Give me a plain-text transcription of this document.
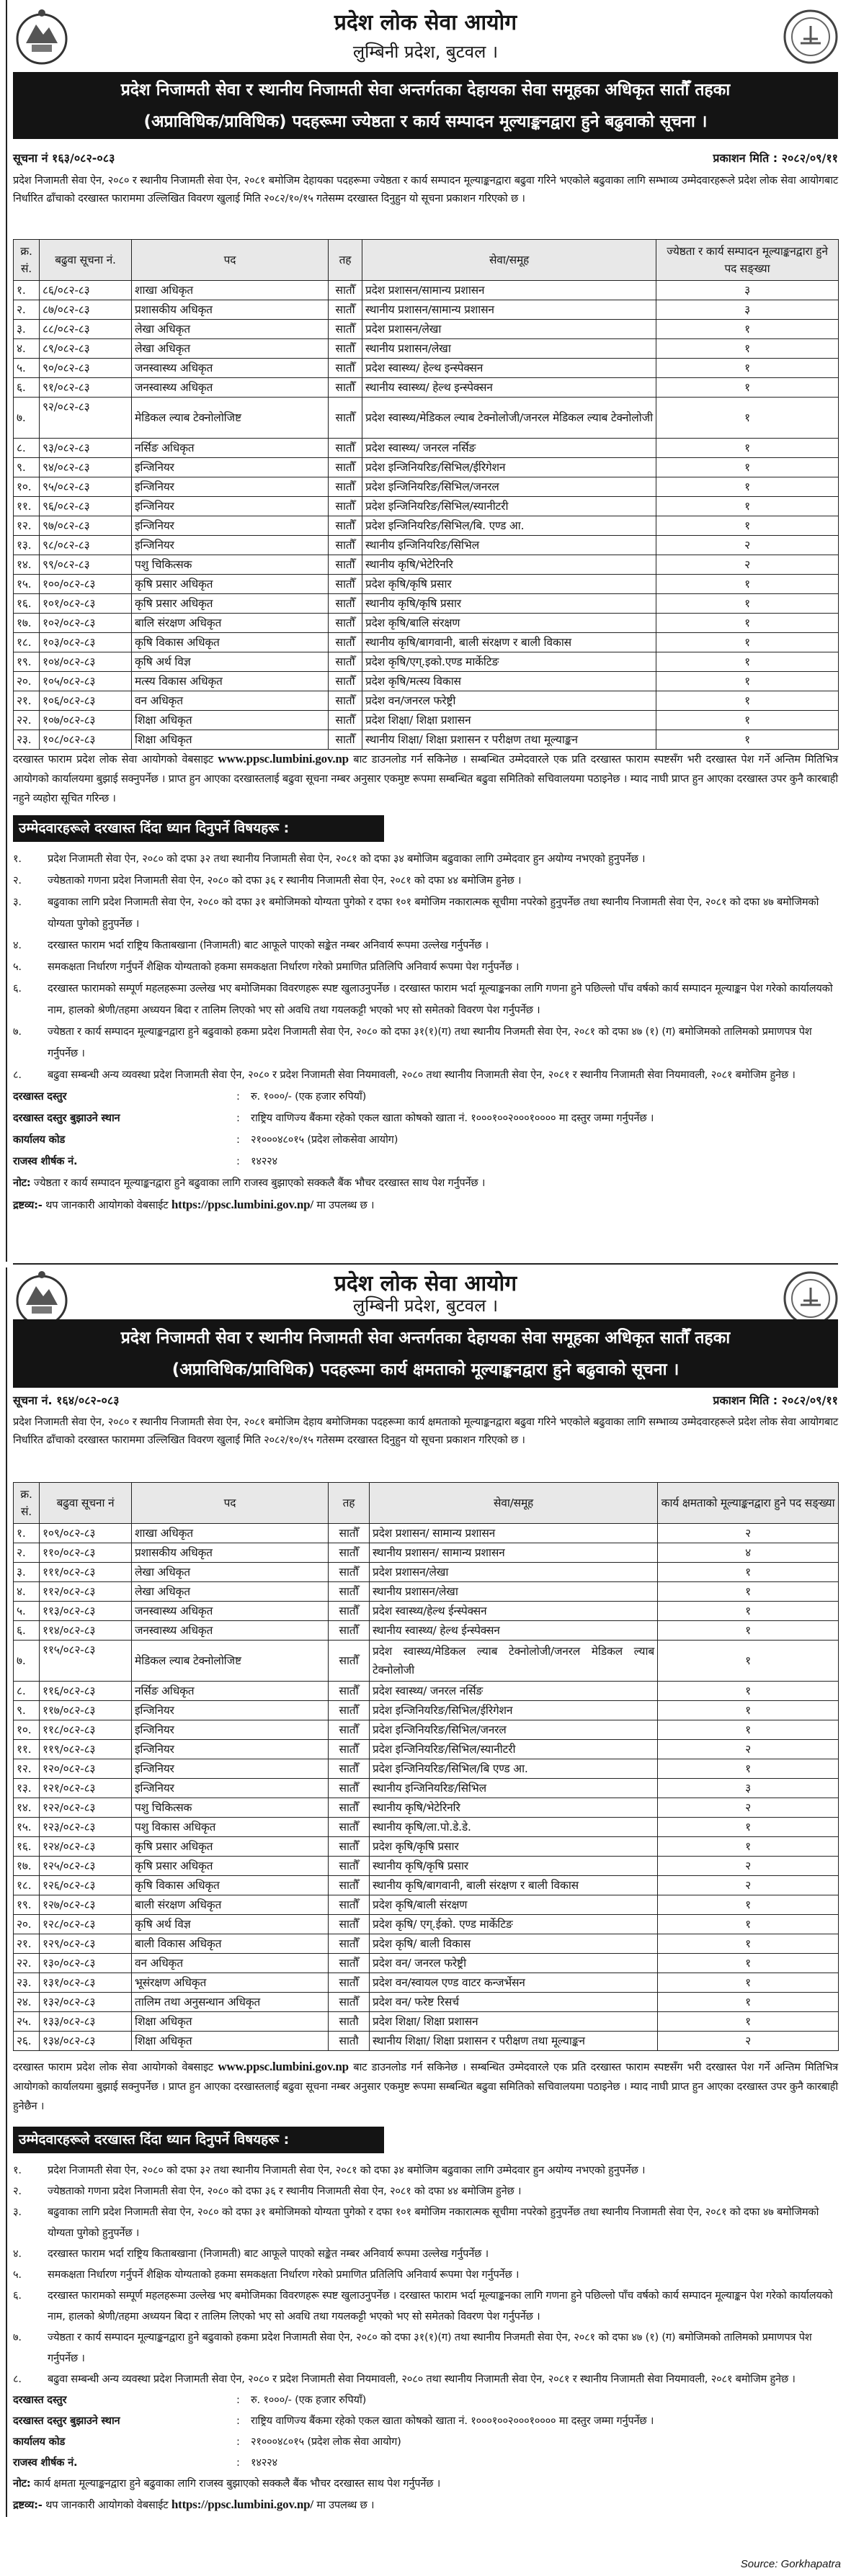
प्रदेश लोक सेवा आयोग
लुम्बिनी प्रदेश, बुटवल ।
प्रदेश निजामती सेवा र स्थानीय निजामती सेवा अन्तर्गतका देहायका सेवा समूहका अधिकृत सातौँ तहका
(अप्राविधिक/प्राविधिक) पदहरूमा ज्येष्ठता र कार्य सम्पादन मूल्याङ्कनद्वारा हुने बढुवाको सूचना ।
सूचना नं १६३/०८२-०८३	प्रकाशन मिति : २०८२/०९/११
प्रदेश निजामती सेवा ऐन, २०८० र स्थानीय निजामती सेवा ऐन, २०८१ बमोजिम देहायका पदहरूमा ज्येष्ठता र कार्य सम्पादन मूल्याङ्कनद्वारा बढुवा गरिने भएकोले बढुवाका लागि सम्भाव्य उम्मेदवारहरूले प्रदेश लोक सेवा आयोगबाट निर्धारित ढाँचाको दरखास्त फाराममा उल्लिखित विवरण खुलाई मिति २०८२/१०/१५ गतेसम्म दरखास्त दिनुहुन यो सूचना प्रकाशन गरिएको छ ।
क्र. सं.	बढुवा सूचना नं.	पद	तह	सेवा/समूह	ज्येष्ठता र कार्य सम्पादन मूल्याङ्कनद्वारा हुने पद सङ्ख्या
१.	८६/०८२-८३	शाखा अधिकृत	सातौँ	प्रदेश प्रशासन/सामान्य प्रशासन	३
२.	८७/०८२-८३	प्रशासकीय अधिकृत	सातौँ	स्थानीय प्रशासन/सामान्य प्रशासन	३
३.	८८/०८२-८३	लेखा अधिकृत	सातौँ	प्रदेश प्रशासन/लेखा	१
४.	८९/०८२-८३	लेखा अधिकृत	सातौँ	स्थानीय प्रशासन/लेखा	१
५.	९०/०८२-८३	जनस्वास्थ्य अधिकृत	सातौँ	प्रदेश स्वास्थ्य/ हेल्थ इन्स्पेक्सन	१
६.	९१/०८२-८३	जनस्वास्थ्य अधिकृत	सातौँ	स्थानीय स्वास्थ्य/ हेल्थ इन्स्पेक्सन	१
७.	९२/०८२-८३	मेडिकल ल्याब टेक्नोलोजिष्ट	सातौँ	प्रदेश स्वास्थ्य/मेडिकल ल्याब टेक्नोलोजी/जनरल मेडिकल ल्याब टेक्नोलोजी	१
८.	९३/०८२-८३	नर्सिङ अधिकृत	सातौँ	प्रदेश स्वास्थ्य/ जनरल नर्सिङ	१
९.	९४/०८२-८३	इन्जिनियर	सातौँ	प्रदेश इन्जिनियरिङ/सिभिल/ईरिगेशन	१
१०.	९५/०८२-८३	इन्जिनियर	सातौँ	प्रदेश इन्जिनियरिङ/सिभिल/जनरल	१
११.	९६/०८२-८३	इन्जिनियर	सातौँ	प्रदेश इन्जिनियरिङ/सिभिल/स्यानीटरी	१
१२.	९७/०८२-८३	इन्जिनियर	सातौँ	प्रदेश इन्जिनियरिङ/सिभिल/बि. एण्ड आ.	१
१३.	९८/०८२-८३	इन्जिनियर	सातौँ	स्थानीय इन्जिनियरिङ/सिभिल	२
१४.	९९/०८२-८३	पशु चिकित्सक	सातौँ	स्थानीय कृषि/भेटेरिनरि	२
१५.	१००/०८२-८३	कृषि प्रसार अधिकृत	सातौँ	प्रदेश कृषि/कृषि प्रसार	१
१६.	१०१/०८२-८३	कृषि प्रसार अधिकृत	सातौँ	स्थानीय कृषि/कृषि प्रसार	१
१७.	१०२/०८२-८३	बालि संरक्षण अधिकृत	सातौँ	प्रदेश कृषि/बालि संरक्षण	१
१८.	१०३/०८२-८३	कृषि विकास अधिकृत	सातौँ	स्थानीय कृषि/बागवानी, बाली संरक्षण र बाली विकास	१
१९.	१०४/०८२-८३	कृषि अर्थ विज्ञ	सातौँ	प्रदेश कृषि/एग्.इको.एण्ड मार्केटिङ	१
२०.	१०५/०८२-८३	मत्स्य विकास अधिकृत	सातौँ	प्रदेश कृषि/मत्स्य विकास	१
२१.	१०६/०८२-८३	वन अधिकृत	सातौँ	प्रदेश वन/जनरल फरेष्ट्री	१
२२.	१०७/०८२-८३	शिक्षा अधिकृत	सातौँ	प्रदेश शिक्षा/ शिक्षा प्रशासन	१
२३.	१०८/०८२-८३	शिक्षा अधिकृत	सातौँ	स्थानीय शिक्षा/ शिक्षा प्रशासन र परीक्षण तथा मूल्याङ्कन	१
दरखास्त फाराम प्रदेश लोक सेवा आयोगको वेबसाइट www.ppsc.lumbini.gov.np बाट डाउनलोड गर्न सकिनेछ । सम्बन्धित उम्मेदवारले एक प्रति दरखास्त फाराम स्पष्टसँग भरी दरखास्त पेश गर्ने अन्तिम मितिभित्र आयोगको कार्यालयमा बुझाई सक्नुपर्नेछ । प्राप्त हुन आएका दरखास्तलाई बढुवा सूचना नम्बर अनुसार एकमुष्ट रूपमा सम्बन्धित बढुवा समितिको सचिवालयमा पठाइनेछ । म्याद नाघी प्राप्त हुन आएका दरखास्त उपर कुनै कारबाही नहुने व्यहोरा सूचित गरिन्छ ।
उम्मेदवारहरूले दरखास्त दिंदा ध्यान दिनुपर्ने विषयहरू :
१.	प्रदेश निजामती सेवा ऐन, २०८० को दफा ३२ तथा स्थानीय निजामती सेवा ऐन, २०८१ को दफा ३४ बमोजिम बढुवाका लागि उम्मेदवार हुन अयोग्य नभएको हुनुपर्नेछ ।
२.	ज्येष्ठताको गणना प्रदेश निजामती सेवा ऐन, २०८० को दफा ३६ र स्थानीय निजामती सेवा ऐन, २०८१ को दफा ४४ बमोजिम हुनेछ ।
३.	बढुवाका लागि प्रदेश निजामती सेवा ऐन, २०८० को दफा ३१ बमोजिमको योग्यता पुगेको र दफा १०१ बमोजिम नकारात्मक सूचीमा नपरेको हुनुपर्नेछ तथा स्थानीय निजामती सेवा ऐन, २०८१ को दफा ४७ बमोजिमको योग्यता पुगेको हुनुपर्नेछ ।
४.	दरखास्त फाराम भर्दा राष्ट्रिय किताबखाना (निजामती) बाट आफूले पाएको सङ्केत नम्बर अनिवार्य रूपमा उल्लेख गर्नुपर्नेछ ।
५.	समकक्षता निर्धारण गर्नुपर्ने शैक्षिक योग्यताको हकमा समकक्षता निर्धारण गरेको प्रमाणित प्रतिलिपि अनिवार्य रूपमा पेश गर्नुपर्नेछ ।
६.	दरखास्त फारामको सम्पूर्ण महलहरूमा उल्लेख भए बमोजिमका विवरणहरू स्पष्ट खुलाउनुपर्नेछ । दरखास्त फाराम भर्दा मूल्याङ्कनका लागि गणना हुने पछिल्लो पाँच वर्षको कार्य सम्पादन मूल्याङ्कन पेश गरेको कार्यालयको नाम, हालको श्रेणी/तहमा अध्ययन बिदा र तालिम लिएको भए सो अवधि तथा गयलकट्टी भएको भए सो समेतको विवरण पेश गर्नुपर्नेछ ।
७.	ज्येष्ठता र कार्य सम्पादन मूल्याङ्कनद्वारा हुने बढुवाको हकमा प्रदेश निजामती सेवा ऐन, २०८० को दफा ३१(१)(ग) तथा स्थानीय निजमती सेवा ऐन, २०८१ को दफा ४७ (१) (ग) बमोजिमको तालिमको प्रमाणपत्र पेश गर्नुपर्नेछ ।
८.	बढुवा सम्बन्धी अन्य व्यवस्था प्रदेश निजामती सेवा ऐन, २०८० र प्रदेश निजामती सेवा नियमावली, २०८० तथा स्थानीय निजामती सेवा ऐन, २०८१ र स्थानीय निजामती सेवा नियमावली, २०८१ बमोजिम हुनेछ ।
दरखास्त दस्तुर	:	रु. १०००/- (एक हजार रुपियाँ)
दरखास्त दस्तुर बुझाउने स्थान	:	राष्ट्रिय वाणिज्य बैंकमा रहेको एकल खाता कोषको खाता नं. १०००१००२०००१०००० मा दस्तुर जम्मा गर्नुपर्नेछ ।
कार्यालय कोड	:	२१०००४८०१५ (प्रदेश लोकसेवा आयोग)
राजस्व शीर्षक नं.	:	१४२२४
नोट: ज्येष्ठता र कार्य सम्पादन मूल्याङ्कनद्वारा हुने बढुवाका लागि राजस्व बुझाएको सक्कलै बैंक भौचर दरखास्त साथ पेश गर्नुपर्नेछ ।
द्रष्टव्य:- थप जानकारी आयोगको वेबसाईट https://ppsc.lumbini.gov.np/ मा उपलब्ध छ ।
प्रदेश लोक सेवा आयोग
लुम्बिनी प्रदेश, बुटवल ।
प्रदेश निजामती सेवा र स्थानीय निजामती सेवा अन्तर्गतका देहायका सेवा समूहका अधिकृत सातौँ तहका
(अप्राविधिक/प्राविधिक) पदहरूमा कार्य क्षमताको मूल्याङ्कनद्वारा हुने बढुवाको सूचना ।
सूचना नं. १६४/०८२-०८३	प्रकाशन मिति : २०८२/०९/११
प्रदेश निजामती सेवा ऐन, २०८० र स्थानीय निजामती सेवा ऐन, २०८१ बमोजिम देहाय बमोजिमका पदहरूमा कार्य क्षमताको मूल्याङ्कनद्वारा बढुवा गरिने भएकोले बढुवाका लागि सम्भाव्य उम्मेदवारहरूले प्रदेश लोक सेवा आयोगबाट निर्धारित ढाँचाको दरखास्त फाराममा उल्लिखित विवरण खुलाई मिति २०८२/१०/१५ गतेसम्म दरखास्त दिनुहुन यो सूचना प्रकाशन गरिएको छ ।
क्र. सं.	बढुवा सूचना नं	पद	तह	सेवा/समूह	कार्य क्षमताको मूल्याङ्कनद्वारा हुने पद सङ्ख्या
१.	१०९/०८२-८३	शाखा अधिकृत	सातौँ	प्रदेश प्रशासन/ सामान्य प्रशासन	२
२.	११०/०८२-८३	प्रशासकीय अधिकृत	सातौँ	स्थानीय प्रशासन/ सामान्य प्रशासन	४
३.	१११/०८२-८३	लेखा अधिकृत	सातौँ	प्रदेश प्रशासन/लेखा	१
४.	११२/०८२-८३	लेखा अधिकृत	सातौँ	स्थानीय प्रशासन/लेखा	१
५.	११३/०८२-८३	जनस्वास्थ्य अधिकृत	सातौँ	प्रदेश स्वास्थ्य/हेल्थ ईन्स्पेक्सन	१
६.	११४/०८२-८३	जनस्वास्थ्य अधिकृत	सातौँ	स्थानीय स्वास्थ्य/ हेल्थ ईन्स्पेक्सन	१
७.	११५/०८२-८३	मेडिकल ल्याब टेक्नोलोजिष्ट	सातौँ	प्रदेश स्वास्थ्य/मेडिकल ल्याब टेक्नोलोजी/जनरल मेडिकल ल्याब टेक्नोलोजी	१
८.	११६/०८२-८३	नर्सिङ अधिकृत	सातौँ	प्रदेश स्वास्थ्य/ जनरल नर्सिङ	१
९.	११७/०८२-८३	इन्जिनियर	सातौँ	प्रदेश इन्जिनियरिङ/सिभिल/ईरिगेशन	१
१०.	११८/०८२-८३	इन्जिनियर	सातौँ	प्रदेश इन्जिनियरिङ/सिभिल/जनरल	१
११.	११९/०८२-८३	इन्जिनियर	सातौँ	प्रदेश इन्जिनियरिङ/सिभिल/स्यानीटरी	२
१२.	१२०/०८२-८३	इन्जिनियर	सातौँ	प्रदेश इन्जिनियरिङ/सिभिल/बि एण्ड आ.	१
१३.	१२१/०८२-८३	इन्जिनियर	सातौँ	स्थानीय इन्जिनियरिङ/सिभिल	३
१४.	१२२/०८२-८३	पशु चिकित्सक	सातौँ	स्थानीय कृषि/भेटेरिनरि	२
१५.	१२३/०८२-८३	पशु विकास अधिकृत	सातौँ	स्थानीय कृषि/ला.पो.डे.डे.	१
१६.	१२४/०८२-८३	कृषि प्रसार अधिकृत	सातौँ	प्रदेश कृषि/कृषि प्रसार	१
१७.	१२५/०८२-८३	कृषि प्रसार अधिकृत	सातौँ	स्थानीय कृषि/कृषि प्रसार	२
१८.	१२६/०८२-८३	कृषि विकास अधिकृत	सातौँ	स्थानीय कृषि/बागवानी, बाली संरक्षण र बाली विकास	२
१९.	१२७/०८२-८३	बाली संरक्षण अधिकृत	सातौँ	प्रदेश कृषि/बाली संरक्षण	१
२०.	१२८/०८२-८३	कृषि अर्थ विज्ञ	सातौँ	प्रदेश कृषि/ एग्.ईको. एण्ड मार्केटिङ	१
२१.	१२९/०८२-८३	बाली विकास अधिकृत	सातौँ	प्रदेश कृषि/ बाली विकास	१
२२.	१३०/०८२-८३	वन अधिकृत	सातौँ	प्रदेश वन/ जनरल फरेष्ट्री	१
२३.	१३१/०८२-८३	भूसंरक्षण अधिकृत	सातौँ	प्रदेश वन/स्वायल एण्ड वाटर कन्जर्भेसन	१
२४.	१३२/०८२-८३	तालिम तथा अनुसन्धान अधिकृत	सातौँ	प्रदेश वन/ फरेष्ट रिसर्च	१
२५.	१३३/०८२-८३	शिक्षा अधिकृत	सातौ	प्रदेश शिक्षा/ शिक्षा प्रशासन	१
२६.	१३४/०८२-८३	शिक्षा अधिकृत	सातौ	स्थानीय शिक्षा/ शिक्षा प्रशासन र परीक्षण तथा मूल्याङ्कन	२
दरखास्त फाराम प्रदेश लोक सेवा आयोगको वेबसाइट www.ppsc.lumbini.gov.np बाट डाउनलोड गर्न सकिनेछ । सम्बन्धित उम्मेदवारले एक प्रति दरखास्त फाराम स्पष्टसँग भरी दरखास्त पेश गर्ने अन्तिम मितिभित्र आयोगको कार्यालयमा बुझाई सक्नुपर्नेछ । प्राप्त हुन आएका दरखास्तलाई बढुवा सूचना नम्बर अनुसार एकमुष्ट रूपमा सम्बन्धित बढुवा समितिको सचिवालयमा पठाइनेछ । म्याद नाघी प्राप्त हुन आएका दरखास्त उपर कुनै कारबाही हुनेछैन ।
उम्मेदवारहरूले दरखास्त दिंदा ध्यान दिनुपर्ने विषयहरू :
१.	प्रदेश निजामती सेवा ऐन, २०८० को दफा ३२ तथा स्थानीय निजामती सेवा ऐन, २०८१ को दफा ३४ बमोजिम बढुवाका लागि उम्मेदवार हुन अयोग्य नभएको हुनुपर्नेछ ।
२.	ज्येष्ठताको गणना प्रदेश निजामती सेवा ऐन, २०८० को दफा ३६ र स्थानीय निजामती सेवा ऐन, २०८१ को दफा ४४ बमोजिम हुनेछ ।
३.	बढुवाका लागि प्रदेश निजामती सेवा ऐन, २०८० को दफा ३१ बमोजिमको योग्यता पुगेको र दफा १०१ बमोजिम नकारात्मक सूचीमा नपरेको हुनुपर्नेछ तथा स्थानीय निजामती सेवा ऐन, २०८१ को दफा ४७ बमोजिमको योग्यता पुगेको हुनुपर्नेछ ।
४.	दरखास्त फाराम भर्दा राष्ट्रिय किताबखाना (निजामती) बाट आफूले पाएको सङ्केत नम्बर अनिवार्य रूपमा उल्लेख गर्नुपर्नेछ ।
५.	समकक्षता निर्धारण गर्नुपर्ने शैक्षिक योग्यताको हकमा समकक्षता निर्धारण गरेको प्रमाणित प्रतिलिपि अनिवार्य रूपमा पेश गर्नुपर्नेछ ।
६.	दरखास्त फारामको सम्पूर्ण महलहरूमा उल्लेख भए बमोजिमका विवरणहरू स्पष्ट खुलाउनुपर्नेछ । दरखास्त फाराम भर्दा मूल्याङ्कनका लागि गणना हुने पछिल्लो पाँच वर्षको कार्य सम्पादन मूल्याङ्कन पेश गरेको कार्यालयको नाम, हालको श्रेणी/तहमा अध्ययन बिदा र तालिम लिएको भए सो अवधि तथा गयलकट्टी भएको भए सो समेतको विवरण पेश गर्नुपर्नेछ ।
७.	ज्येष्ठता र कार्य सम्पादन मूल्याङ्कनद्वारा हुने बढुवाको हकमा प्रदेश निजामती सेवा ऐन, २०८० को दफा ३१(१)(ग) तथा स्थानीय निजमती सेवा ऐन, २०८१ को दफा ४७ (१) (ग) बमोजिमको तालिमको प्रमाणपत्र पेश गर्नुपर्नेछ ।
८.	बढुवा सम्बन्धी अन्य व्यवस्था प्रदेश निजामती सेवा ऐन, २०८० र प्रदेश निजामती सेवा नियमावली, २०८० तथा स्थानीय निजामती सेवा ऐन, २०८१ र स्थानीय निजामती सेवा नियमावली, २०८१ बमोजिम हुनेछ ।
दरखास्त दस्तुर	:	रु. १०००/- (एक हजार रुपियाँ)
दरखास्त दस्तुर बुझाउने स्थान	:	राष्ट्रिय वाणिज्य बैंकमा रहेको एकल खाता कोषको खाता नं. १०००१००२०००१०००० मा दस्तुर जम्मा गर्नुपर्नेछ ।
कार्यालय कोड	:	२१०००४८०१५ (प्रदेश लोक सेवा आयोग)
राजस्व शीर्षक नं.	:	१४२२४
नोट: कार्य क्षमता मूल्याङ्कनद्वारा हुने बढुवाका लागि राजस्व बुझाएको सक्कलै बैंक भौचर दरखास्त साथ पेश गर्नुपर्नेछ ।
द्रष्टव्य:- थप जानकारी आयोगको वेबसाईट https://ppsc.lumbini.gov.np/ मा उपलब्ध छ ।
Source: Gorkhapatra
